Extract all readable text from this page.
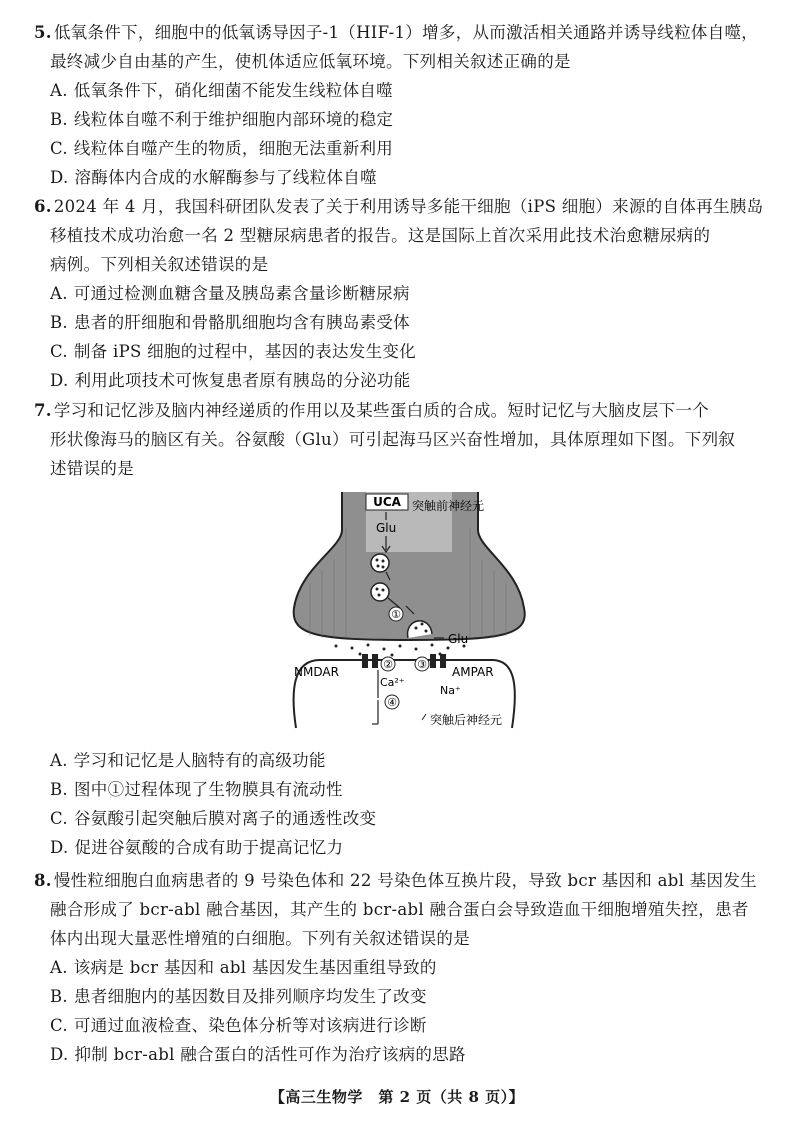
5. 低氧条件下，细胞中的低氧诱导因子-1（HIF-1）增多，从而激活相关通路并诱导线粒体自噬，
最终减少自由基的产生，使机体适应低氧环境。下列相关叙述正确的是

A. 低氧条件下，硝化细菌不能发生线粒体自噬
B. 线粒体自噬不利于维护细胞内部环境的稳定
C. 线粒体自噬产生的物质，细胞无法重新利用
D. 溶酶体内合成的水解酶参与了线粒体自噬

6. 2024 年 4 月，我国科研团队发表了关于利用诱导多能干细胞（iPS 细胞）来源的自体再生胰岛
移植技术成功治愈一名 2 型糖尿病患者的报告。这是国际上首次采用此技术治愈糖尿病的
病例。下列相关叙述错误的是

A. 可通过检测血糖含量及胰岛素含量诊断糖尿病
B. 患者的肝细胞和骨骼肌细胞均含有胰岛素受体
C. 制备 iPS 细胞的过程中，基因的表达发生变化
D. 利用此项技术可恢复患者原有胰岛的分泌功能

7. 学习和记忆涉及脑内神经递质的作用以及某些蛋白质的合成。短时记忆与大脑皮层下一个
形状像海马的脑区有关。谷氨酸（Glu）可引起海马区兴奋性增加，具体原理如下图。下列叙
述错误的是

UCA
Glu
突触前神经元
①
Glu
NMDAR
② ③
AMPAR
Ca²⁺
Na⁺
④
突触后神经元
A. 学习和记忆是人脑特有的高级功能
B. 图中①过程体现了生物膜具有流动性
C. 谷氨酸引起突触后膜对离子的通透性改变
D. 促进谷氨酸的合成有助于提高记忆力

8. 慢性粒细胞白血病患者的 9 号染色体和 22 号染色体互换片段，导致 bcr 基因和 abl 基因发生
融合形成了 bcr-abl 融合基因，其产生的 bcr-abl 融合蛋白会导致造血干细胞增殖失控，患者
体内出现大量恶性增殖的白细胞。下列有关叙述错误的是

A. 该病是 bcr 基因和 abl 基因发生基因重组导致的
B. 患者细胞内的基因数目及排列顺序均发生了改变
C. 可通过血液检查、染色体分析等对该病进行诊断
D. 抑制 bcr-abl 融合蛋白的活性可作为治疗该病的思路
【高三生物学　第 2 页（共 8 页）】
